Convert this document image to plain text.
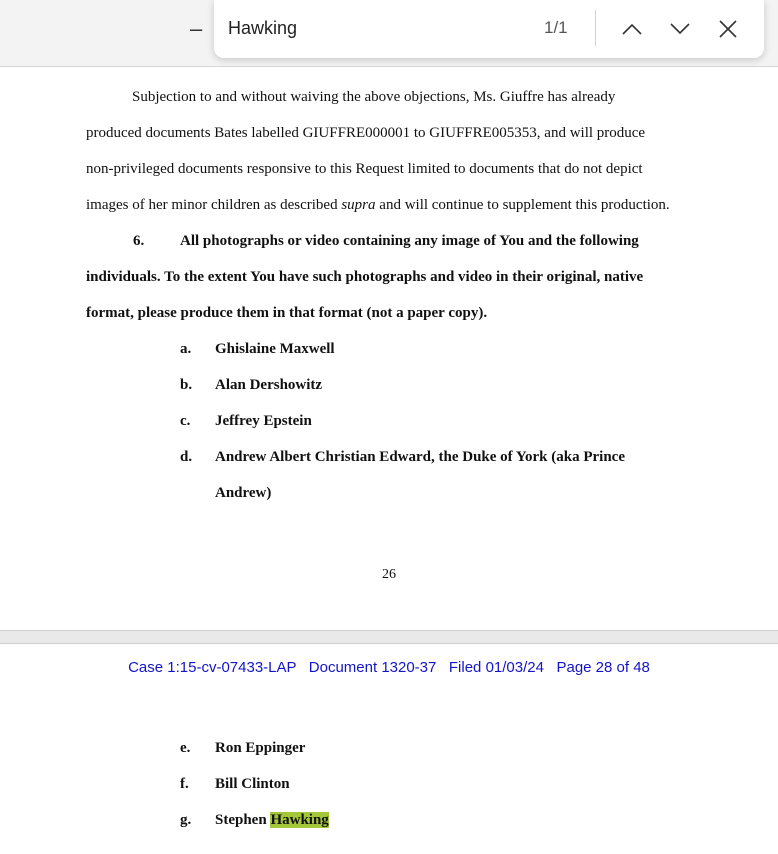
Subjection to and without waiving the above objections, Ms. Giuffre has already
produced documents Bates labelled GIUFFRE000001 to GIUFFRE005353, and will produce
non-privileged documents responsive to this Request limited to documents that do not depict
images of her minor children as described supra and will continue to supplement this production.
6. All photographs or video containing any image of You and the following
individuals. To the extent You have such photographs and video in their original, native
format, please produce them in that format (not a paper copy).
a. Ghislaine Maxwell
b. Alan Dershowitz
c. Jeffrey Epstein
d. Andrew Albert Christian Edward, the Duke of York (aka Prince
Andrew)
26
Case 1:15-cv-07433-LAP Document 1320-37 Filed 01/03/24 Page 28 of 48
e. Ron Eppinger
f. Bill Clinton
g. Stephen Hawking
–
Hawking	1/1
